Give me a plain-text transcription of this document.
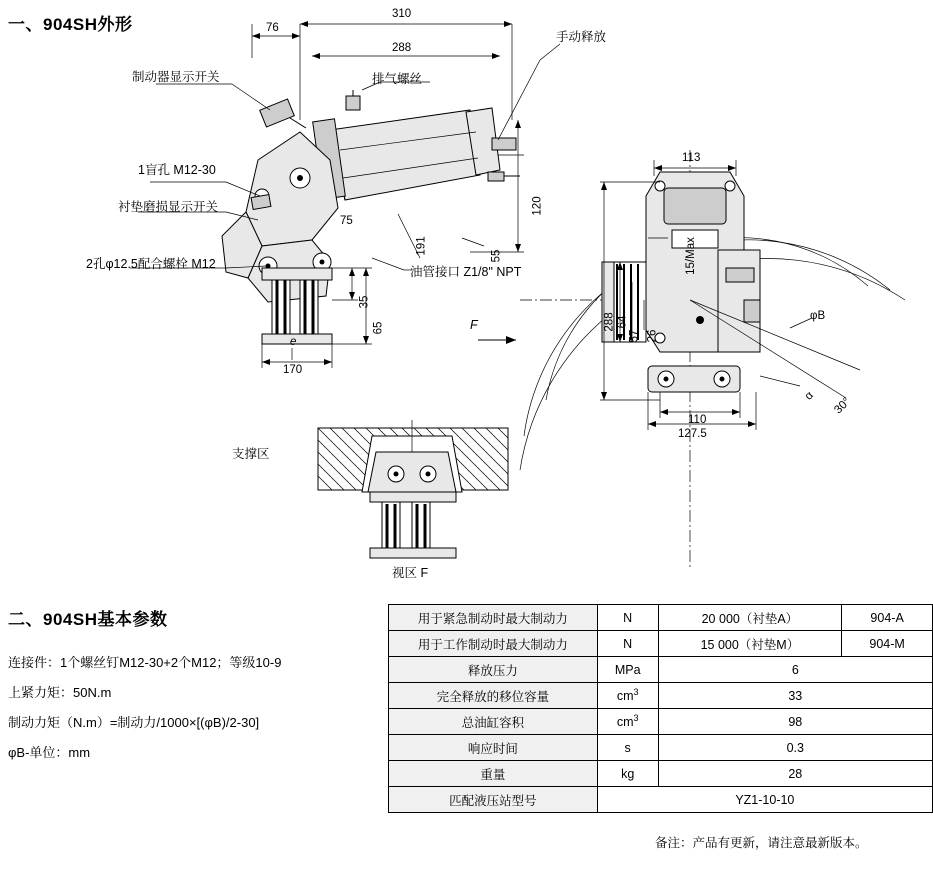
一、904SH外形
制动器显示开关
手动释放
排气螺丝
1盲孔 M12-30
衬垫磨损显示开关
2孔φ12.5配合螺栓 M12
油管接口 Z1/8" NPT
支撑区
视区 F
F
76
310
288
120
191
55
75
35
65
170
e
113
288 64
57 26
15/Max
110
127.5
φB
α 30°
二、904SH基本参数
连接件：1个螺丝钉M12-30+2个M12；等级10-9
上紧力矩：50N.m
制动力矩（N.m）=制动力/1000×[(φB)/2-30]
φB-单位：mm
用于紧急制动时最大制动力	N	20 000（衬垫A）	904-A
用于工作制动时最大制动力	N	15 000（衬垫M）	904-M
释放压力	MPa	6	
完全释放的移位容量	$cm^3$	33	
总油缸容积	$cm^3$	98	
响应时间	s	0.3	
重量	kg	28	
匹配液压站型号	YZ1-10-10		
备注：产品有更新，请注意最新版本。
